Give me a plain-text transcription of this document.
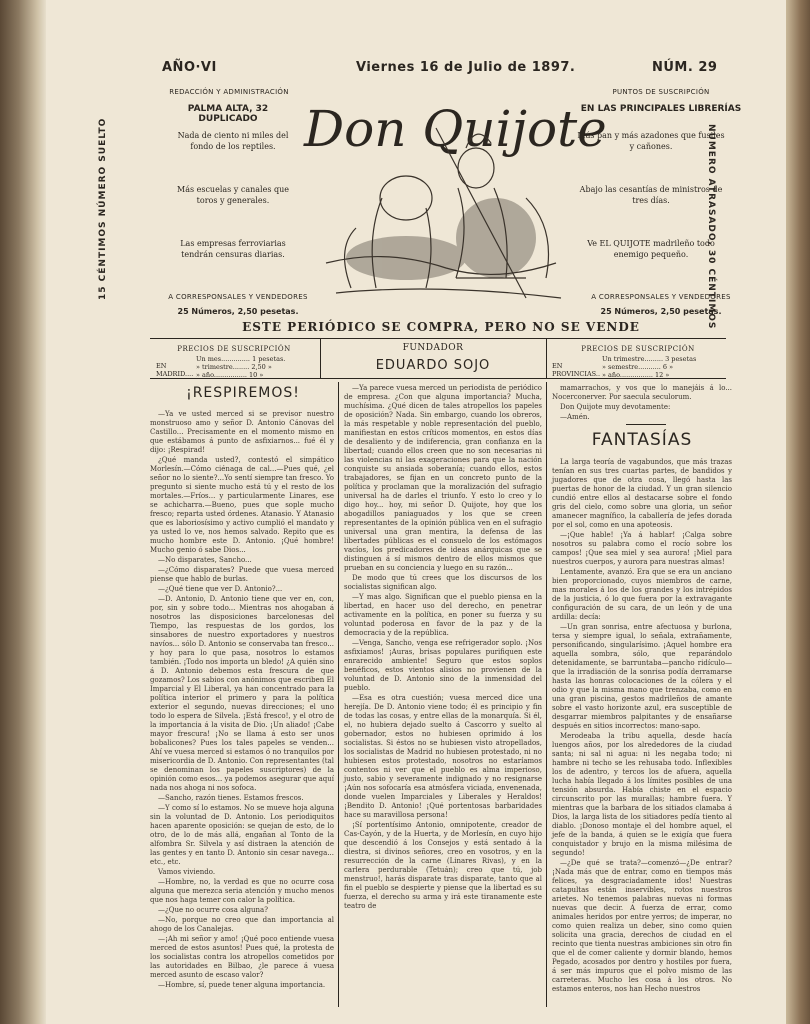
AÑO·VI	Viernes 16 de Julio de 1897.	NÚM. 29
REDACCIÓN Y ADMINISTRACIÓN
PALMA ALTA, 32 DUPLICADO
PUNTOS DE SUSCRIPCIÓN
EN LAS PRINCIPALES LIBRERÍAS
15 CÉNTIMOS NÚMERO SUELTO	NÚMERO ATRASADO, 30 CÉNTIMOS
Nada de ciento ni miles del fondo de los reptiles.
Más escuelas y canales que toros y generales.
Las empresas ferroviarias tendrán censuras diarias.
Más pan y más azadones que fusiles y cañones.
Abajo las cesantías de ministros de tres días.
Ve EL QUIJOTE madrileño todo enemigo pequeño.
Don Quijote
A CORRESPONSALES Y VENDEDORES
25 Números, 2,50 pesetas.
A CORRESPONSALES Y VENDEDORES
25 Números, 2,50 pesetas.
ESTE PERIÓDICO SE COMPRA, PERO NO SE VENDE
PRECIOS DE SUSCRIPCIÓN
EN MADRID....
Un mes.............. 1 pesetas.
» trimestre........ 2,50 »
» año................ 10 »
FUNDADOR
EDUARDO SOJO
PRECIOS DE SUSCRIPCIÓN
EN PROVINCIAS..
Un trimestre......... 3 pesetas
» semestre........... 6 »
» año................ 12 »
¡RESPIREMOS!

—Ya ve usted merced si se previsor nuestro monstruoso amo y señor D. Antonio Cánovas del Castillo... Precisamente en el momento mismo en que estábamos á punto de asfixiarnos... fué él y dijo: ¡Respirad!

¿Qué manda usted?, contestó el simpático Morlesín.—Cómo ciénaga de cal...—Pues qué, ¿el señor no lo siente?...Yo sentí siempre tan fresco. Yo pregunto si siente mucho está tú y el resto de los mortales.—Fríos... y particularmente Linares, ese se achicharra.—Bueno, pues que sople mucho fresco; reparta usted órdenes. Atanasio. Y Atanasio que es laboriosísimo y activo cumplió el mandato y ya usted lo ve, nos hemos salvado. Repito que es mucho hombre este D. Antonio. ¡Qué hombre! Mucho genio ó sabe Dios...

—No disparates, Sancho...

—¿Cómo disparates? Puede que vuesa merced piense que hablo de burlas.

—¿Qué tiene que ver D. Antonio?...

—D. Antonio, D. Antonio tiene que ver en, con, por, sin y sobre todo... Mientras nos ahogaban á nosotros las disposiciones barcelonesas del Tiempo, las respuestas de los gordos, los sinsabores de nuestro exportadores y nuestros navíos... sólo D. Antonio se conservaba tan fresco... y hoy para lo que pasa, nosotros lo estamos también. ¡Todo nos importa un bledo! ¿A quién sino á D. Antonio debemos esta frescura de que gozamos? Los sabios con anónimos que escriben El Imparcial y El Liberal, ya han concentrado para la política interior el primero y para la política exterior el segundo, nuevas direcciones; el uno todo lo espera de Silvela. ¡Está fresco!, y el otro de la importancia á la visita de Dio. ¡Un aliado! ¡Cabe mayor frescura! ¡No se llama á esto ser unos bobalicones? Pues los tales papeles se venden... Ahí ve vuesa merced si estamos ó no tranquilos por misericordia de D. Antonio. Con representantes (tal se denominan los papeles suscriptores) de la opinión como esos... ya podemos asegurar que aquí nada nos ahoga ni nos sofoca.

—Sancho, razón tienes. Estamos frescos.

—Y como sí lo estamos. No se mueve hoja alguna sin la voluntad de D. Antonio. Los periodiquitos hacen aparente oposición: se quejan de esto, de lo otro, de lo de más allá, engañan al Tonto de la alfombra Sr. Silvela y así distraen la atención de las gentes y en tanto D. Antonio sin cesar navega... etc., etc.

Vamos viviendo.

—Hombre, no, la verdad es que no ocurre cosa alguna que merezca seria atención y mucho menos que nos haga temer con calor la política.

—¿Que no ocurre cosa alguna?

—No, porque no creo que dan importancia al ahogo de los Canalejas.

—¡Ah mi señor y amo! ¡Qué poco entiende vuesa merced de estos asuntos! Pues qué, la protesta de los socialistas contra los atropellos cometidos por las autoridades en Bilbao, ¿le parece á vuesa merced asunto de escaso valor?

—Hombre, sí, puede tener alguna importancia.

—Ya parece vuesa merced un periodista de periódico de empresa. ¿Con que alguna importancia? Mucha, muchísima. ¿Qué dicen de tales atropellos los papeles de oposición? Nada. Sin embargo, cuando los obreros, la más respetable y noble representación del pueblo, manifiestan en estos críticos momentos, en estos días de desaliento y de indiferencia, gran confianza en la libertad; cuando ellos creen que no son necesarias ni las violencias ni las exageraciones para que la nación conquiste su ansiada soberanía; cuando ellos, estos trabajadores, se fijan en un concreto punto de la política y proclaman que la moralización del sufragio universal ha de darles el triunfo. Y esto lo creo y lo digo hoy... hoy, mi señor D. Quijote, hoy que los abogadillos paniaguados y los que se creen representantes de la opinión pública ven en el sufragio universal una gran mentira, la defensa de las libertades públicas es el consuelo de los estómagos vacíos, los predicadores de ideas anárquicas que se distinguen á sí mismos dentro de ellos mismos que prueban en su conciencia y luego en su razón...

De modo que tú crees que los discursos de los socialistas significan algo.

—Y mas algo. Significan que el pueblo piensa en la libertad, en hacer uso del derecho, en penetrar activamente en la política, en poner su fuerza y su voluntad poderosa en favor de la paz y de la democracia y de la república.

—Venga, Sancho, venga ese refrigerador soplo. ¡Nos asfixiamos! ¡Auras, brisas populares purifiquen este enrarecido ambiente! Seguro que estos soplos benéficos, estos vientos alisios no provienen de la voluntad de D. Antonio sino de la inmensidad del pueblo.

—Esa es otra cuestión; vuesa merced dice una herejía. De D. Antonio viene todo; él es principio y fin de todas las cosas, y entre ellas de la monarquía. Si él, el, no hubiera dejado suelto á Cascorro y suelto al gobernador, estos no hubiesen oprimido á los socialistas. Si éstos no se hubiesen visto atropellados, los socialistas de Madrid no hubiesen protestado, ni no hubiesen estos protestado, nosotros no estaríamos contentos ni ver que el pueblo es alma imperioso, justo, sabio y severamente indignado y no resignarse ¡Aún nos sofocaría esa atmósfera viciada, envenenada, donde vuelen Imparciales y Liberales y Heraldos! ¡Bendito D. Antonio! ¡Qué portentosas barbaridades hace su maravillosa persona!

¡Sí portentísimo Antonio, omnipotente, creador de Cas-Cayón, y de la Huerta, y de Morlesín, en cuyo hijo que descendió á los Consejos y está sentado á la diestra, si divinos señores, creo en vosotros, y en la resurrección de la carne (Linares Rivas), y en la carlera perdurable (Tetuán); creo que tú, job menstruo!, harás disparate tras disparate, tanto que al fin el pueblo se despierte y piense que la libertad es su fuerza, el derecho su arma y irá este tiranamente este teatro de

mamarrachos, y vos que lo manejáis á lo... Nocerconerver. Por saecula seculorum.

Don Quijote muy devotamente:

—Amén.

FANTASÍAS

La larga teoría de vagabundos, que más trazas tenían en sus tres cuartas partes, de bandidos y jugadores que de otra cosa, llegó hasta las puertas de honor de la ciudad. Y un gran silencio cundió entre ellos al destacarse sobre el fondo gris del cielo, como sobre una gloria, un señor amanecer magnífico, la caballería de jefes dorada por el sol, como en una apoteosis.

—¡Que hable! ¡Ya á hablar! ¡Calga sobre nosotros su palabra como el rocío sobre los campos! ¡Que sea miel y sea aurora! ¡Miel para nuestros cuerpos, y aurora para nuestras almas!

Lentamente, avanzó. Era que se era un anciano bien proporcionado, cuyos miembros de carne, mas morales á los de los grandes y los intrépidos de la justicia, ó lo que fuera por la extravagante configuración de su cara, de un león y de una ardilla: decía:

—Un gran sonrisa, entre afectuosa y burlona, tersa y siempre igual, lo señala, extrañamente, personificando, singularísimo. ¡Aquel hombre era aquella sombra, sólo, que reparándolo detenidamente, se barruntaba—pancho ridículo—que la irradiación de la sonrisa podía derramarse hasta las honras colocaciones de la cólera y el odio y que la misma mano que trenzaba, como en una gran piscina, gestos madrileños de amante sobre el vasto horizonte azul, era susceptible de desgarrar miembros palpitantes y de ensañarse después en sitios incorrectos: mano-sapo.

Merodeaba la tribu aquella, desde hacía luengos años, por los alrededores de la ciudad santa; ni sal ni agua: ni les negaba todo; ni hambre ni techo se les rehusaba todo. Inflexibles los de adentro, y tercos los de afuera, aquella lucha había llegado á los límites posibles de una tensión absurda. Había chiste en el espacio circunscrito por las murallas; hambre fuera. Y mientras que la barbara de los sitiados clamaba á Dios, la larga lista de los sitiadores pedía tiento al diablo. ¡Donoso montaje el del hombre aquel, el jefe de la banda, á quien se le exigía que fuera conquistador y brujo en la misma milésima de segundo!

—¿De qué se trata?—comenzó—¿De entrar? ¡Nada más que de entrar, como en tiempos más felices, ya desgraciadamente idos! Nuestras catapultas están inservibles, rotos nuestros arietes. No tenemos palabras nuevas ni formas nuevas que decir. A fuerza de errar, como animales heridos por entre yerros; de imperar, no como quien realiza un deber, sino como quien solicita una gracia, derechos de ciudad en el recinto que tienta nuestras ambiciones sin otro fin que el de comer caliente y dormir blando, hemos Pegado, acosados por dentro y hostiles por fuera, á ser más impuros que el polvo mismo de las carreteras. Mucho les cosa á los otros. No estamos enteros, nos han Hecho nuestros
